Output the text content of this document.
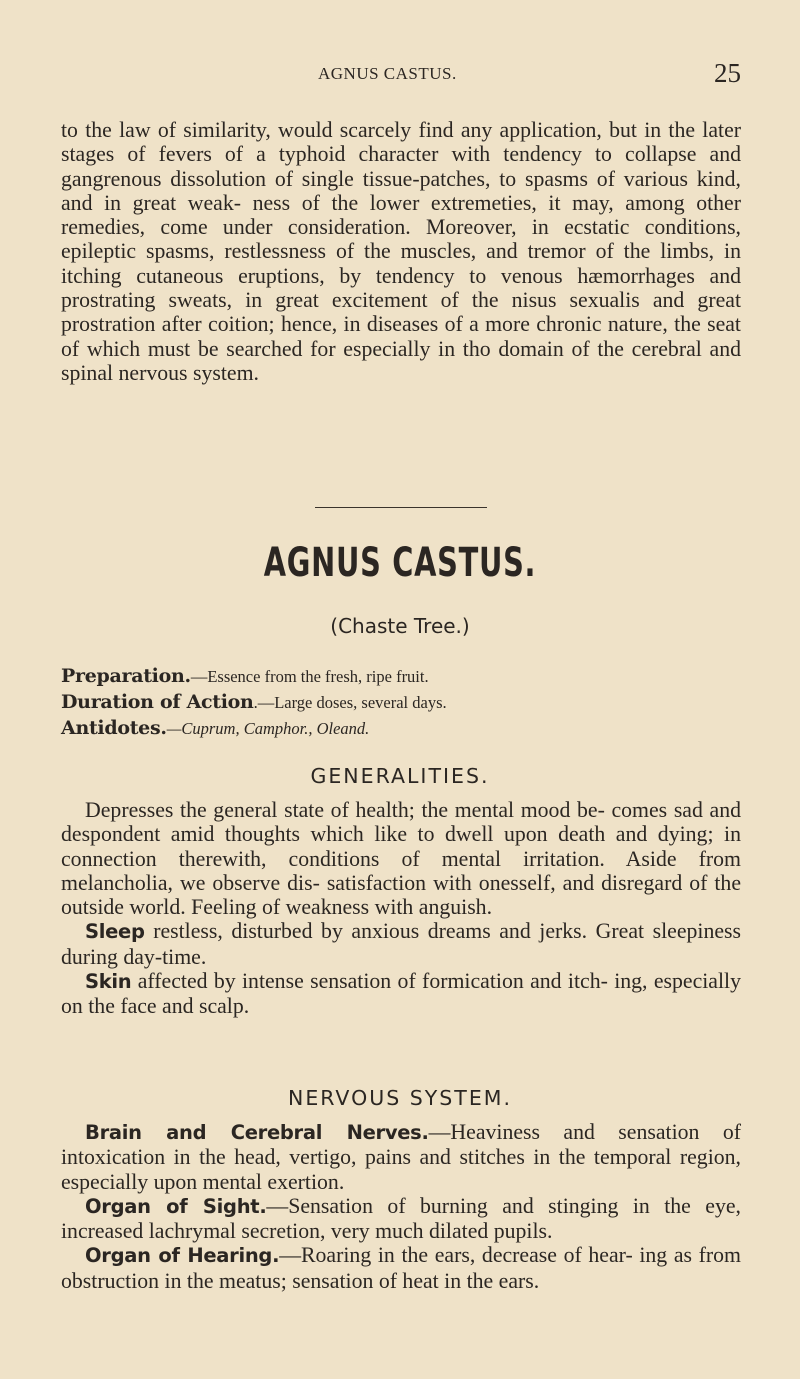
AGNUS CASTUS.	25

to the law of similarity, would scarcely find any application, but in the later stages of fevers of a typhoid character with tendency to collapse and gangrenous dissolution of single tissue-patches, to spasms of various kind, and in great weak- ness of the lower extremeties, it may, among other remedies, come under consideration. Moreover, in ecstatic conditions, epileptic spasms, restlessness of the muscles, and tremor of the limbs, in itching cutaneous eruptions, by tendency to venous hæmorrhages and prostrating sweats, in great excitement of the nisus sexualis and great prostration after coition; hence, in diseases of a more chronic nature, the seat of which must be searched for especially in tho domain of the cerebral and spinal nervous system.

AGNUS CASTUS.
(Chaste Tree.)
Preparation.—Essence from the fresh, ripe fruit.
Duration of Action.—Large doses, several days.
Antidotes.—Cuprum, Camphor., Oleand.
GENERALITIES.

Depresses the general state of health; the mental mood be- comes sad and despondent amid thoughts which like to dwell upon death and dying; in connection therewith, conditions of mental irritation. Aside from melancholia, we observe dis- satisfaction with onesself, and disregard of the outside world. Feeling of weakness with anguish.

Sleep restless, disturbed by anxious dreams and jerks. Great sleepiness during day-time.

Skin affected by intense sensation of formication and itch- ing, especially on the face and scalp.

NERVOUS SYSTEM.

Brain and Cerebral Nerves.—Heaviness and sensation of intoxication in the head, vertigo, pains and stitches in the temporal region, especially upon mental exertion.

Organ of Sight.—Sensation of burning and stinging in the eye, increased lachrymal secretion, very much dilated pupils.

Organ of Hearing.—Roaring in the ears, decrease of hear- ing as from obstruction in the meatus; sensation of heat in the ears.
